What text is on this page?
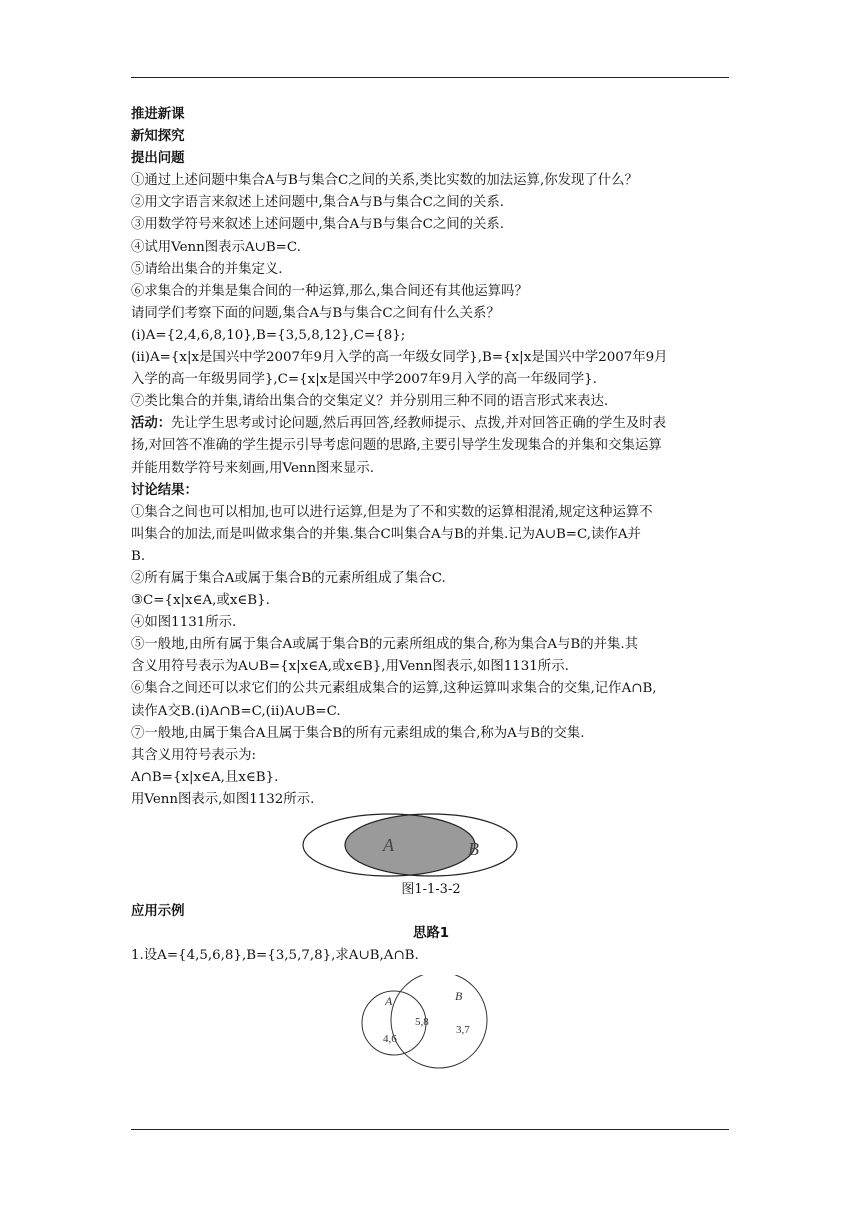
推进新课
新知探究
提出问题
①通过上述问题中集合A与B与集合C之间的关系,类比实数的加法运算,你发现了什么？
②用文字语言来叙述上述问题中,集合A与B与集合C之间的关系.
③用数学符号来叙述上述问题中,集合A与B与集合C之间的关系.
④试用Venn图表示A∪B=C.
⑤请给出集合的并集定义.
⑥求集合的并集是集合间的一种运算,那么,集合间还有其他运算吗？
请同学们考察下面的问题,集合A与B与集合C之间有什么关系？
(ⅰ)A={2,4,6,8,10},B={3,5,8,12},C={8};
(ⅱ)A={x|x是国兴中学2007年9月入学的高一年级女同学},B={x|x是国兴中学2007年9月
入学的高一年级男同学},C={x|x是国兴中学2007年9月入学的高一年级同学}.
⑦类比集合的并集,请给出集合的交集定义？并分别用三种不同的语言形式来表达.
活动：先让学生思考或讨论问题,然后再回答,经教师提示、点拨,并对回答正确的学生及时表
扬,对回答不准确的学生提示引导考虑问题的思路,主要引导学生发现集合的并集和交集运算
并能用数学符号来刻画,用Venn图来显示.
讨论结果：
①集合之间也可以相加,也可以进行运算,但是为了不和实数的运算相混淆,规定这种运算不
叫集合的加法,而是叫做求集合的并集.集合C叫集合A与B的并集.记为A∪B=C,读作A并
B.
②所有属于集合A或属于集合B的元素所组成了集合C.
③C={x|x∈A,或x∈B}.
④如图1131所示.
⑤一般地,由所有属于集合A或属于集合B的元素所组成的集合,称为集合A与B的并集.其
含义用符号表示为A∪B={x|x∈A,或x∈B},用Venn图表示,如图1131所示.
⑥集合之间还可以求它们的公共元素组成集合的运算,这种运算叫求集合的交集,记作A∩B,
读作A交B.(ⅰ)A∩B=C,(ⅱ)A∪B=C.
⑦一般地,由属于集合A且属于集合B的所有元素组成的集合,称为A与B的交集.
其含义用符号表示为:
A∩B={x|x∈A,且x∈B}.
用Venn图表示,如图1132所示.
A	B
图1-1-3-2
应用示例
思路1
1.设A={4,5,6,8},B={3,5,7,8},求A∪B,A∩B.
A	B
4,6
5,8
3,7
